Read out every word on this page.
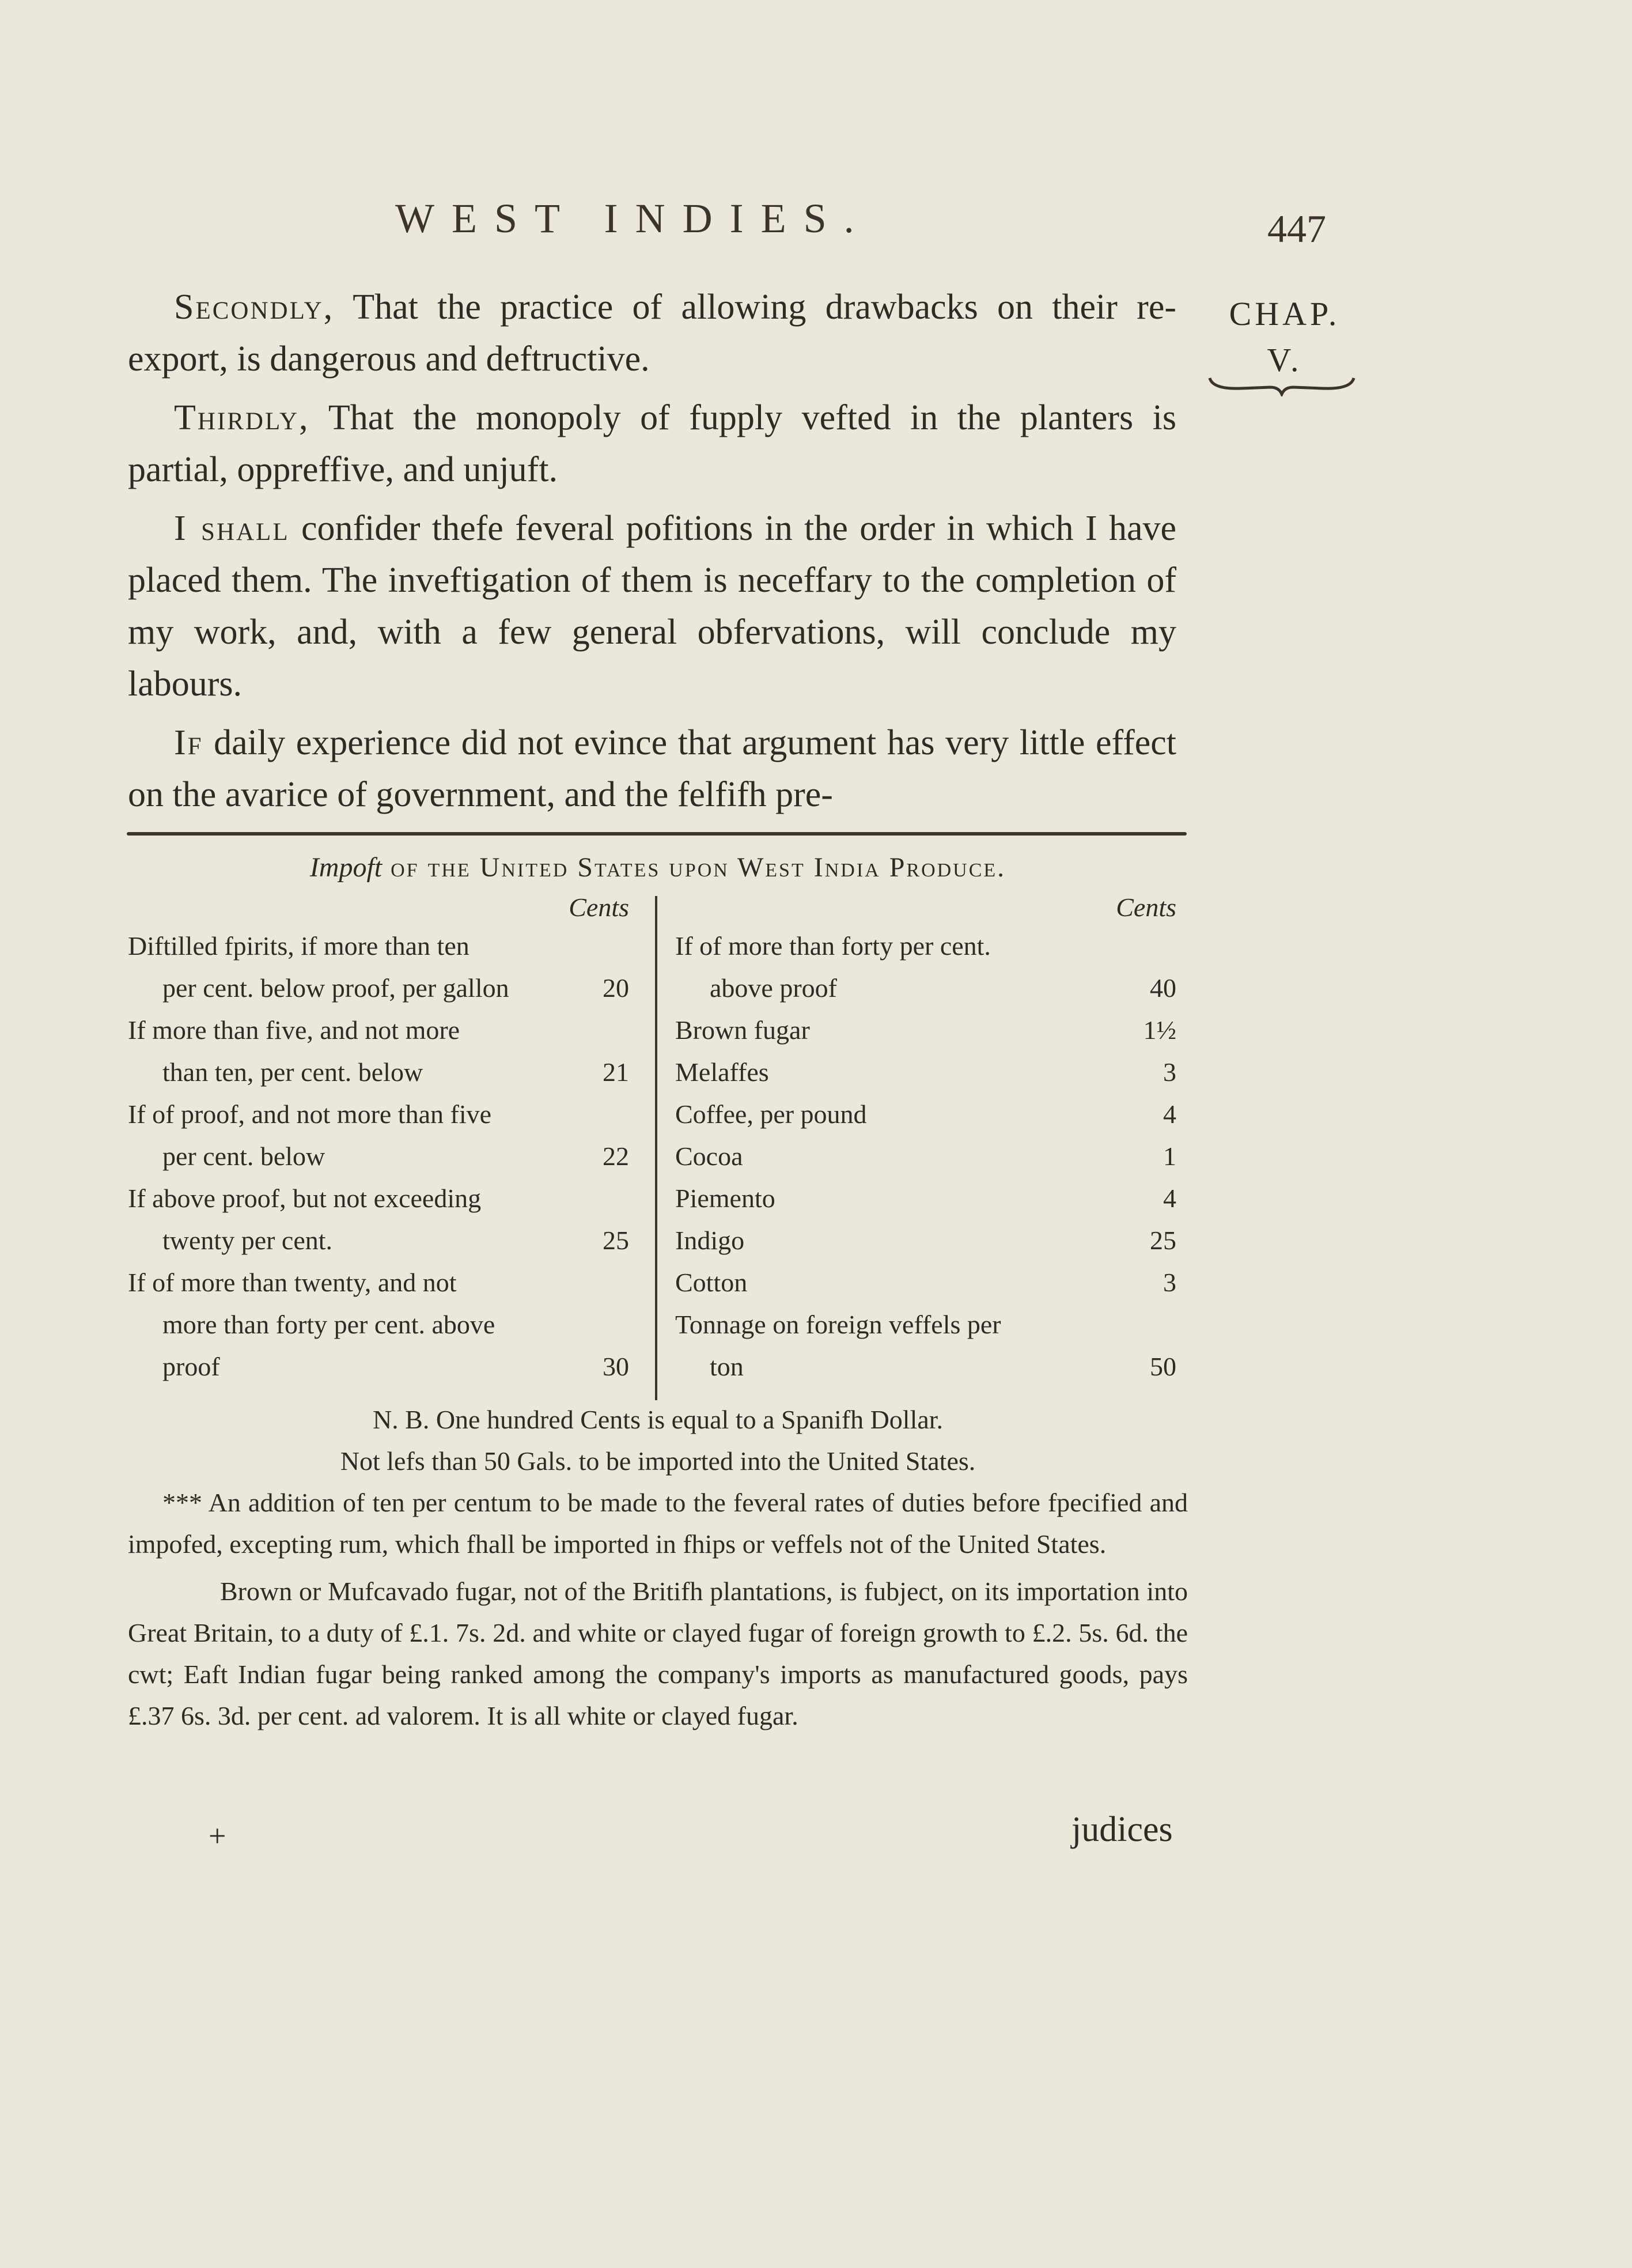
WEST INDIES.	447
CHAP.
V.

Secondly, That the practice of allowing drawbacks on their re-export, is dangerous and deftructive.

Thirdly, That the monopoly of fupply vefted in the planters is partial, oppreffive, and unjuft.

I shall confider thefe feveral pofitions in the order in which I have placed them. The inveftigation of them is neceffary to the completion of my work, and, with a few general obfervations, will conclude my labours.

If daily experience did not evince that argument has very little effect on the avarice of government, and the felfifh pre-

Impoft of the United States upon West India Produce.
Cents
Diftilled fpirits, if more than ten
per cent. below proof, per gallon	20
If more than five, and not more
than ten, per cent. below	21
If of proof, and not more than five
per cent. below	22
If above proof, but not exceeding
twenty per cent.	25
If of more than twenty, and not
more than forty per cent. above
proof	30
Cents
If of more than forty per cent.
above proof	40
Brown fugar	1½
Melaffes	3
Coffee, per pound	4
Cocoa	1
Piemento	4
Indigo	25
Cotton	3
Tonnage on foreign veffels per
ton	50

N. B. One hundred Cents is equal to a Spanifh Dollar.

Not lefs than 50 Gals. to be imported into the United States.

*** An addition of ten per centum to be made to the feveral rates of duties before fpecified and impofed, excepting rum, which fhall be imported in fhips or veffels not of the United States.

Brown or Mufcavado fugar, not of the Britifh plantations, is fubject, on its importation into Great Britain, to a duty of £.1. 7s. 2d. and white or clayed fugar of foreign growth to £.2. 5s. 6d. the cwt; Eaft Indian fugar being ranked among the company's imports as manufactured goods, pays £.37 6s. 3d. per cent. ad valorem. It is all white or clayed fugar.

+	judices
